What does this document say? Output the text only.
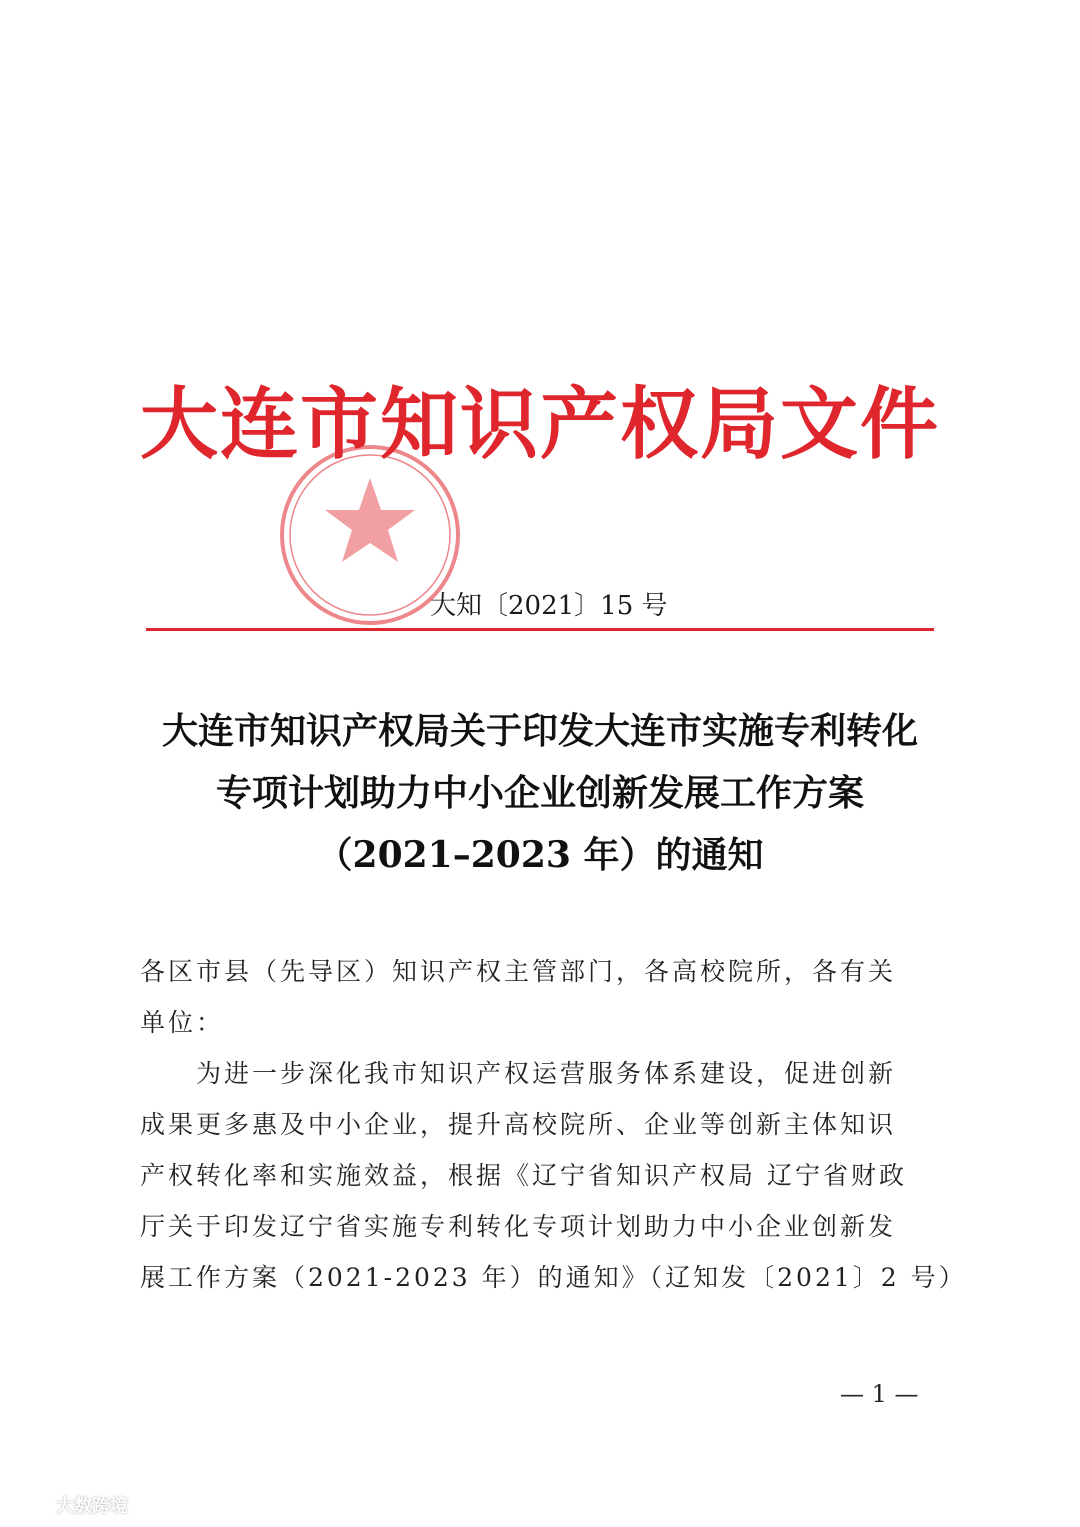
大连市知识产权局文件
大知〔2021〕15 号
大连市知识产权局关于印发大连市实施专利转化
专项计划助力中小企业创新发展工作方案
（2021–2023 年）的通知
各区市县（先导区）知识产权主管部门，各高校院所，各有关
单位：
为进一步深化我市知识产权运营服务体系建设，促进创新
成果更多惠及中小企业，提升高校院所、企业等创新主体知识
产权转化率和实施效益，根据《辽宁省知识产权局 辽宁省财政
厅关于印发辽宁省实施专利转化专项计划助力中小企业创新发
展工作方案（2021-2023 年）的通知》（辽知发〔2021〕2 号）
— 1 —
大数跨境
